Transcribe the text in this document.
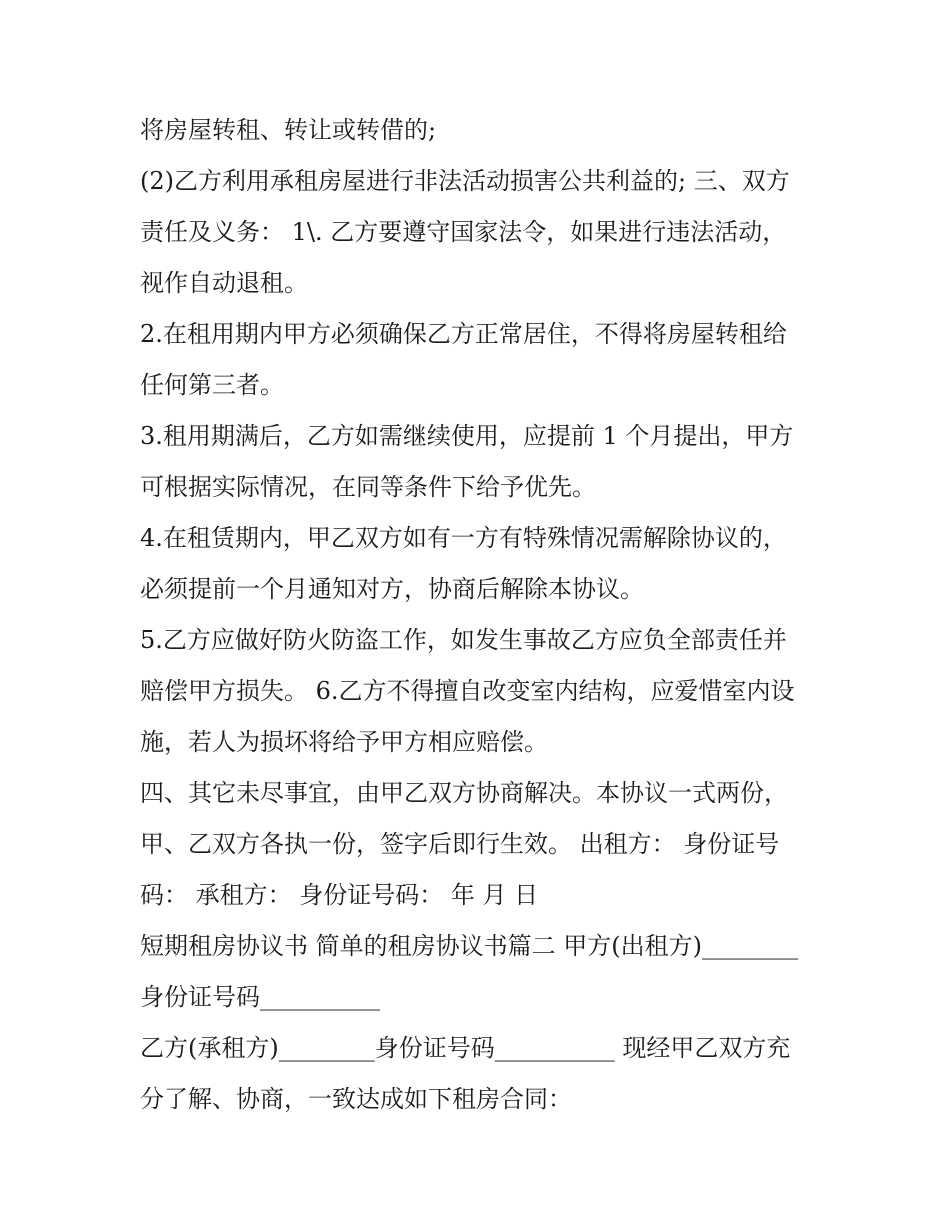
将房屋转租、转让或转借的;
(2)乙方利用承租房屋进行非法活动损害公共利益的; 三、双方
责任及义务： 1\. 乙方要遵守国家法令，如果进行违法活动，
视作自动退租。
2.在租用期内甲方必须确保乙方正常居住，不得将房屋转租给
任何第三者。
3.租用期满后，乙方如需继续使用，应提前 1 个月提出，甲方
可根据实际情况，在同等条件下给予优先。
4.在租赁期内，甲乙双方如有一方有特殊情况需解除协议的，
必须提前一个月通知对方，协商后解除本协议。
5.乙方应做好防火防盗工作，如发生事故乙方应负全部责任并
赔偿甲方损失。 6.乙方不得擅自改变室内结构，应爱惜室内设
施，若人为损坏将给予甲方相应赔偿。
四、其它未尽事宜，由甲乙双方协商解决。本协议一式两份，
甲、乙双方各执一份，签字后即行生效。 出租方： 身份证号
码： 承租方： 身份证号码： 年 月 日
短期租房协议书 简单的租房协议书篇二 甲方(出租方)________
身份证号码__________
乙方(承租方)________身份证号码__________ 现经甲乙双方充
分了解、协商，一致达成如下租房合同：
